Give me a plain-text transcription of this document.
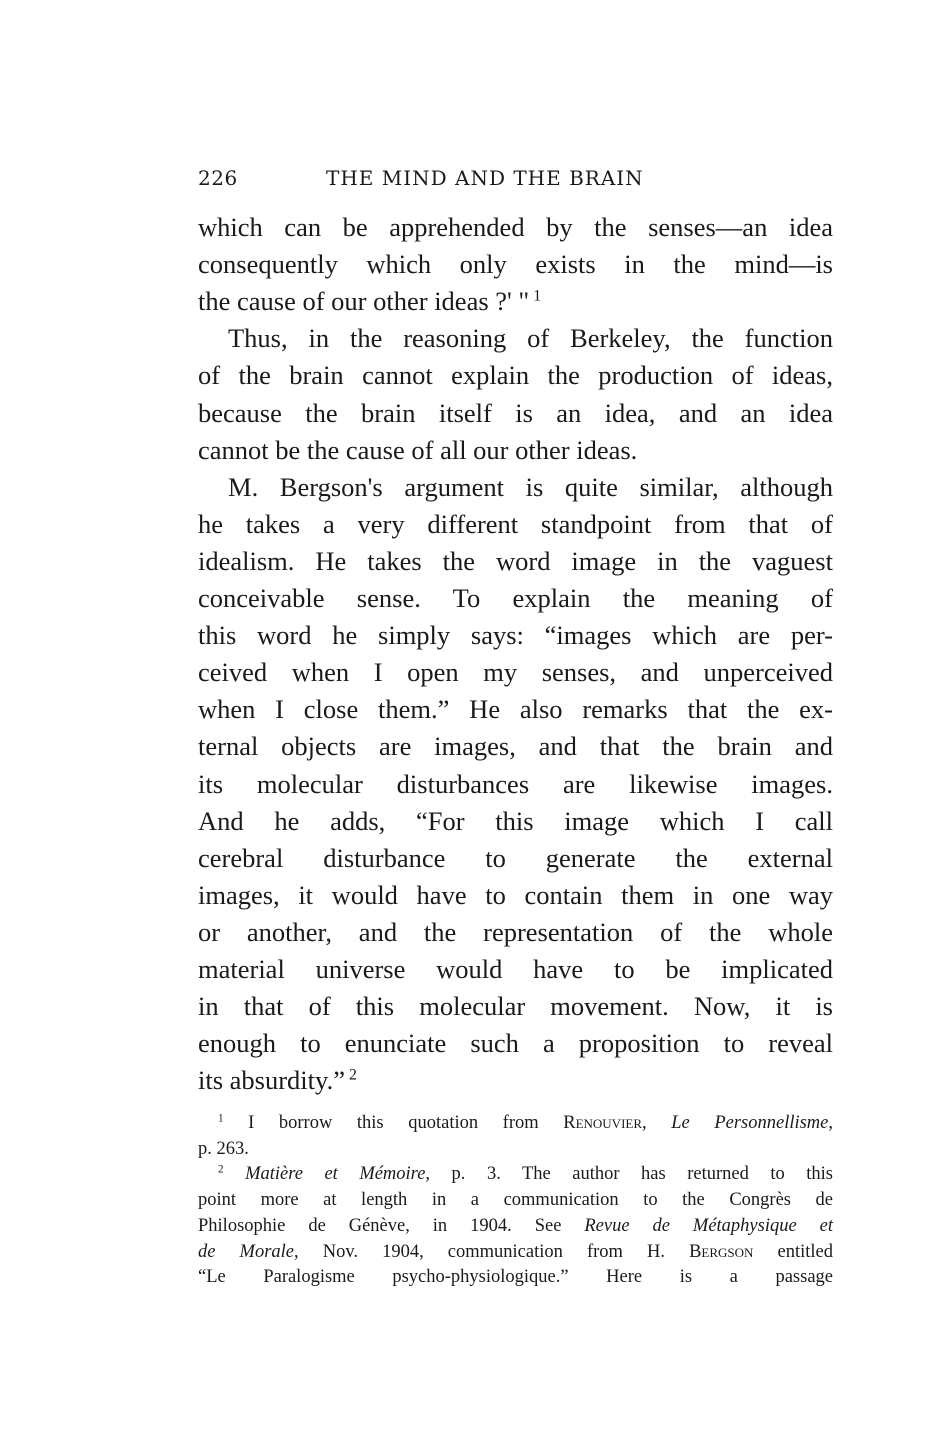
226	THE MIND AND THE BRAIN
which can be apprehended by the senses—an idea
consequently which only exists in the mind—is
the cause of our other ideas ?' " $^1$
Thus, in the reasoning of Berkeley, the function
of the brain cannot explain the production of ideas,
because the brain itself is an idea, and an idea
cannot be the cause of all our other ideas.
M. Bergson's argument is quite similar, although
he takes a very different standpoint from that of
idealism. He takes the word image in the vaguest
conceivable sense. To explain the meaning of
this word he simply says: “images which are per-
ceived when I open my senses, and unperceived
when I close them.” He also remarks that the ex-
ternal objects are images, and that the brain and
its molecular disturbances are likewise images.
And he adds, “For this image which I call
cerebral disturbance to generate the external
images, it would have to contain them in one way
or another, and the representation of the whole
material universe would have to be implicated
in that of this molecular movement. Now, it is
enough to enunciate such a proposition to reveal
its absurdity.” $^2$
$^1$ I borrow this quotation from Renouvier, Le Personnellisme,
p. 263.
$^2$ Matière et Mémoire, p. 3. The author has returned to this
point more at length in a communication to the Congrès de
Philosophie de Génève, in 1904. See Revue de Métaphysique et
de Morale, Nov. 1904, communication from H. Bergson entitled
“Le Paralogisme psycho-physiologique.” Here is a passage
